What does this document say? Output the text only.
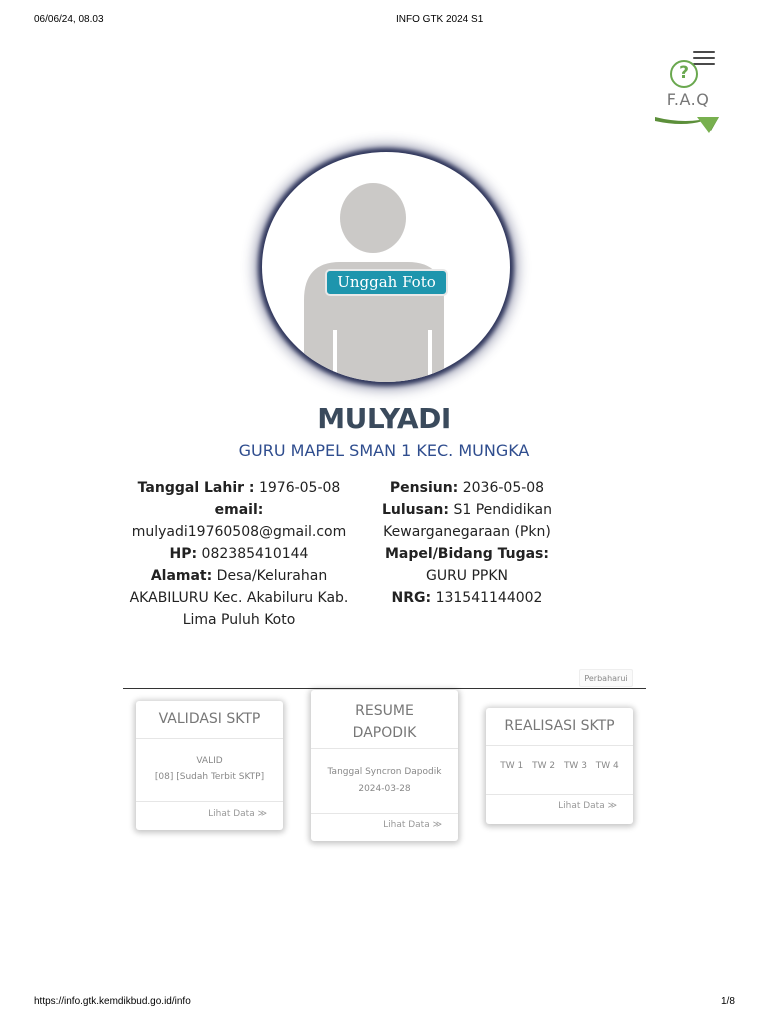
06/06/24, 08.03	INFO GTK 2024 S1
?
F.A.Q
Unggah Foto
MULYADI
GURU MAPEL SMAN 1 KEC. MUNGKA
Tanggal Lahir : 1976-05-08
email:
mulyadi19760508@gmail.com
HP: 082385410144
Alamat: Desa/Kelurahan AKABILURU Kec. Akabiluru Kab. Lima Puluh Koto
Pensiun: 2036-05-08
Lulusan: S1 Pendidikan Kewarganegaraan (Pkn)
Mapel/Bidang Tugas:
GURU PPKN
NRG: 131541144002
Perbaharui
VALIDASI SKTP
VALID
[08] [Sudah Terbit SKTP]
Lihat Data ≫
RESUME DAPODIK
Tanggal Syncron Dapodik
2024-03-28
Lihat Data ≫
REALISASI SKTP
TW 1 TW 2 TW 3 TW 4
Lihat Data ≫
https://info.gtk.kemdikbud.go.id/info	1/8
